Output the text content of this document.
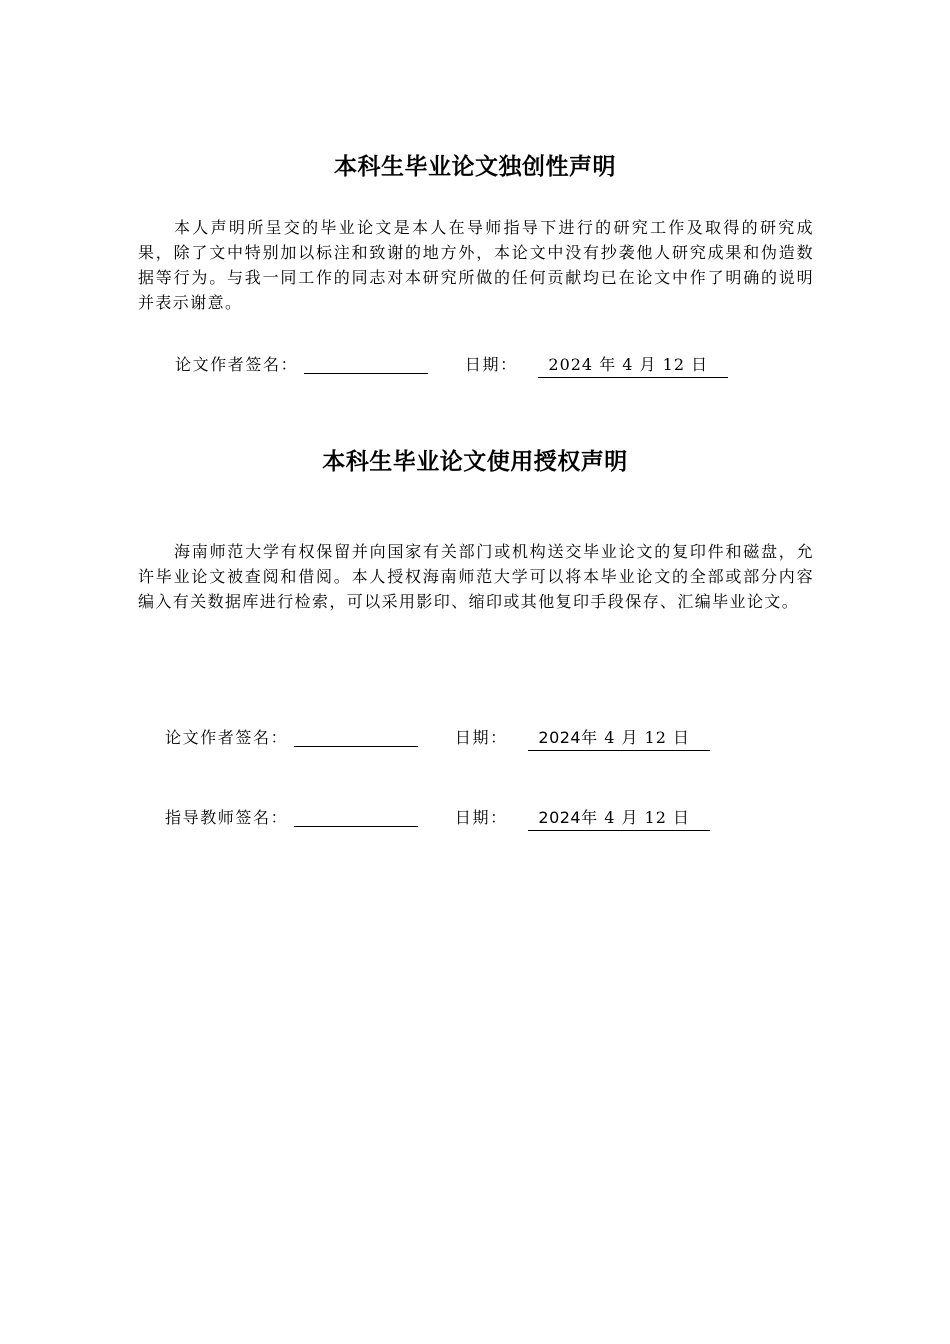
本科生毕业论文独创性声明

本人声明所呈交的毕业论文是本人在导师指导下进行的研究工作及取得的研究成果，除了文中特别加以标注和致谢的地方外，本论文中没有抄袭他人研究成果和伪造数据等行为。与我一同工作的同志对本研究所做的任何贡献均已在论文中作了明确的说明并表示谢意。

论文作者签名：	日期： 2024 年 4 月 12 日
本科生毕业论文使用授权声明

海南师范大学有权保留并向国家有关部门或机构送交毕业论文的复印件和磁盘，允许毕业论文被查阅和借阅。本人授权海南师范大学可以将本毕业论文的全部或部分内容编入有关数据库进行检索，可以采用影印、缩印或其他复印手段保存、汇编毕业论文。

论文作者签名：	日期： 2024年 4 月 12 日
指导教师签名：	日期： 2024年 4 月 12 日
